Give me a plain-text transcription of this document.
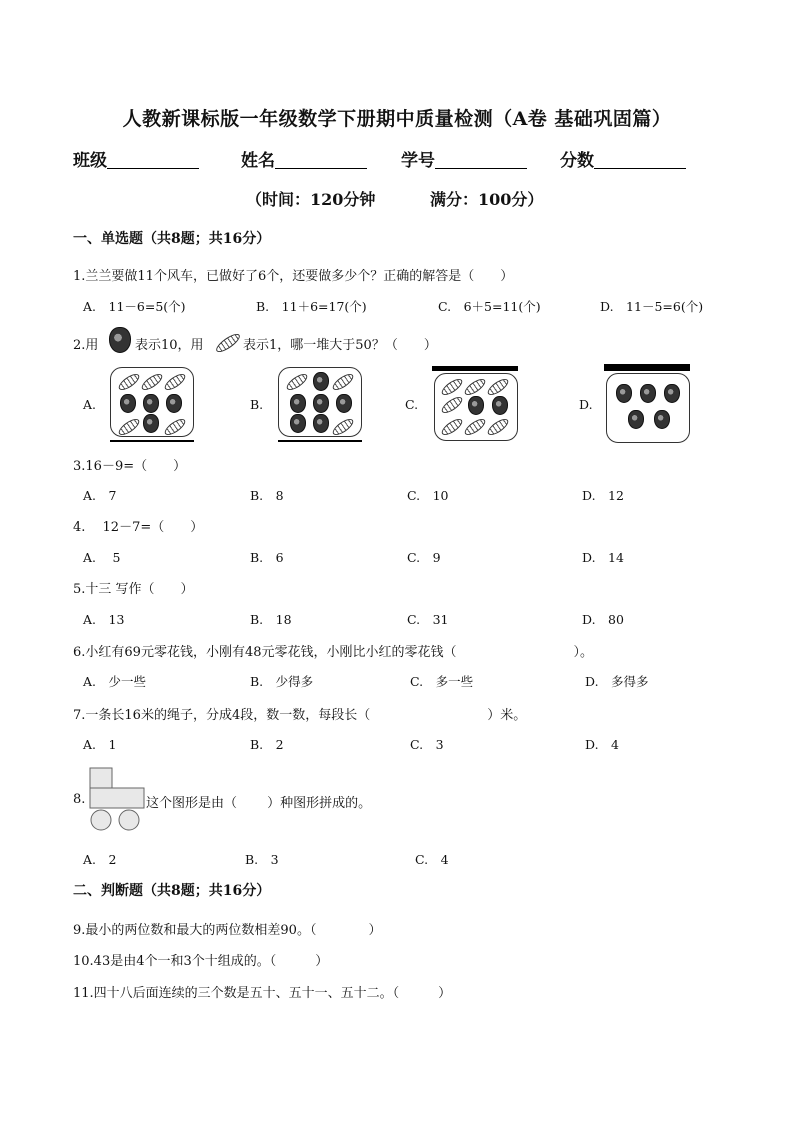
人教新课标版一年级数学下册期中质量检测（A卷 基础巩固篇）
班级	姓名	学号	分数
（时间：120分钟	满分：100分）
一、单选题（共8题；共16分）
1.兰兰要做11个风车，已做好了6个，还要做多少个？正确的解答是（　　）
A.　11－6=5(个)	B.　11＋6=17(个)	C.　6＋5=11(个)	D.　11－5=6(个)
2.用	表示10，用	表示1，哪一堆大于50？（　　）
A.	B.	C.	D.
3.16－9=（　　）
A.　7	B.　8	C.　10	D.　12
4.　 12－7=（　　）
A.　 5	B.　6	C.　9	D.　14
5.十三 写作（　　）
A.　13	B.　18	C.　31	D.　80
6.小红有69元零花钱，小刚有48元零花钱，小刚比小红的零花钱（　　　　　　　　　）。
A.　少一些	B.　少得多	C.　多一些	D.　多得多
7.一条长16米的绳子，分成4段，数一数，每段长（　　　　　　　　　）米。
A.　1	B.　2	C.　3	D.　4
8.	这个图形是由（　　 ）种图形拼成的。
A.　2	B.　3	C.　4
二、判断题（共8题；共16分）
9.最小的两位数和最大的两位数相差90。（　　　　）
10.43是由4个一和3个十组成的。（　　　）
11.四十八后面连续的三个数是五十、五十一、五十二。（　　　）
